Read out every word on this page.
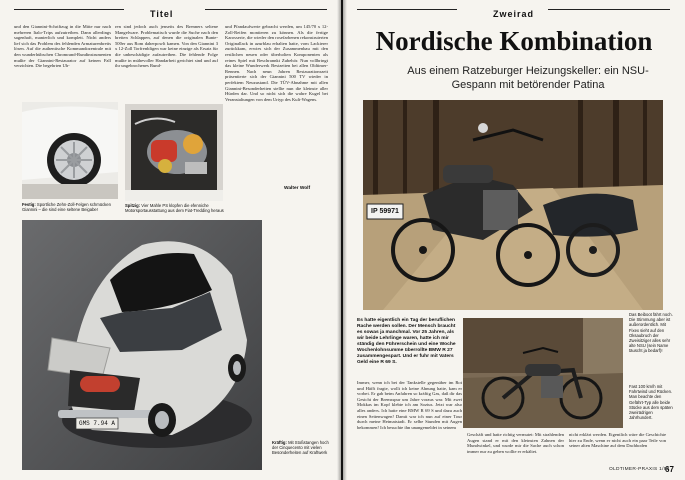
Titel
und den Giannini-Schriftzug in die Mitte nur nach mehreren Italo-Trips aufzutreiben. Dann allerdings sagenhaft, manierlich und komplett. Nicht anders lief sich das Problem des fehlenden Armaturenbretts lösen. Auf die authentische Kommandozentrale mit den wunderhübschen Chromrand-Rundinstrumenten mußte der Giannini-Restaurator auf keinen Fall verzichten. Die begehrten Uh-
ren sind jedoch auch jenseits des Brenners seltene Mangelware. Problematisch wurde die Suche nach den breiten Schlappen, auf denen die originalen Bunte-500er aus Rom daherpowlt kamen. Von den Giannini 3 x 12-Zoll Torfrenbligen war keine einzige als Ersatz für die unbeschädigte aufzutreiben. Die fehlende Folge mußte in mühevoller Handarbeit gerichtet sind und auf ihr ungebrochenes Rund-
und Pfandaufwerte gebracht werden, um 145/70 x 12-Zoll-Reifen montieren zu können. Als die fertige Karosserie, die wieder den rosefarbenen rekonstruierten Originallack in azurblau erhalten hatte, vom Lackierer zurückkam, erwies sich der Zusammenbau mit den restlichen neuen oder überholten Komponenten als reines Spiel mit Beschrannkt Zubehör. Nun vollbringt das kleine Wunderwerk Bestzeiten bei allen Oldtimer-Rennen. Nach neun Jahren Restaurationszeit präsentierte sich der Giannini 500 TV wieder in perfektem Neuzustand. Die TÜV-Abnahme mit allen Giannini-Besonderheiten stellte nun die kleinste aller Hürden dar. Und so nicht sich die wahre Kugel bei Veranstaltungen von dem Urtyp des Kult-Wagens.
Walter Wolf
Festig: Sportliche Zehn-Zoll-Felgen schmücken Giannini – die sind eine seltene Beigabe!
Spitzig: Vier Mahle PS klopfen die efenniche Motorsportausstattung aus dem Fiat-Tredding heraus
GMS 7.94 A
Kräftig: Mit Stoßstangen hoch der Cinquecento mit vielen Besonderheiten auf Kraftwerk
Zweirad
Nordische Kombination
Aus einem Ratzeburger Heizungskeller: ein NSU-Gespann mit betörender Patina
IP 59971
Das Beiboot fährt noch. Die Stimmung aber ist außerordentlich. Mit Fixex sieht auf den Oksaubruch der Zweisitziger alles sehr alte NSU (sein Name täuscht ja bedarf)!
Fast 100 km/h mit Fahrtwind und Rücken. Man beachte den Gefährt-Typ alle beide Stücke aus dem späten zweirädrigen Jahrhundert.
Es hatte eigentlich ein Tag der beruflichen Rache werden sollen. Der Mensch braucht es sowas ja manchmal. Vor 25 Jahren, als wir beide Lehrlinge waren, hatte ich mir ständig den Führerschein und eine Woche Wochenlohnsumme überrollte BMW R 27 zusammengespart. Und er fuhr mit Vaters Geld eine R 69 S.
Immer, wenn ich bei der Tankstelle gegenüber im Rot und Häfft fragte, wollt ich keine Ahnung hatte, kam er vorbei. Er gab beim Anfahren so kräftig Gas, daß dir das Gesicht der Bremsspur um Jahre voraus war. Mit zwei Mokkas im Kopf klebte ich am Sozius. Jetzt war also alles anders. Ich hatte eine BMW R 69 S und dazu auch einen Seitenwagen! Damit war ich nun auf einer Tour durch meine Heimatstadt. Er selbe Stunden mit Augen bekommen! Ich besuchte ihn unangemeldet in seinem
Geschäft und hatte richtig vermutet: Mit strahlenden Augen stand er mit den kleinsten Zahnen der Mundwinkel, und wurde mir die Sache auch schon immer nur zu geben wollte er erkältet.
nicht erklärt werden. Eigentlich wäre die Geschichte hier zu Ende, wenn er nicht auch ein paar Teile von seiner alten Maschine auf dem Dachboden
OLDTIMER-PRAXIS 1/91
67
